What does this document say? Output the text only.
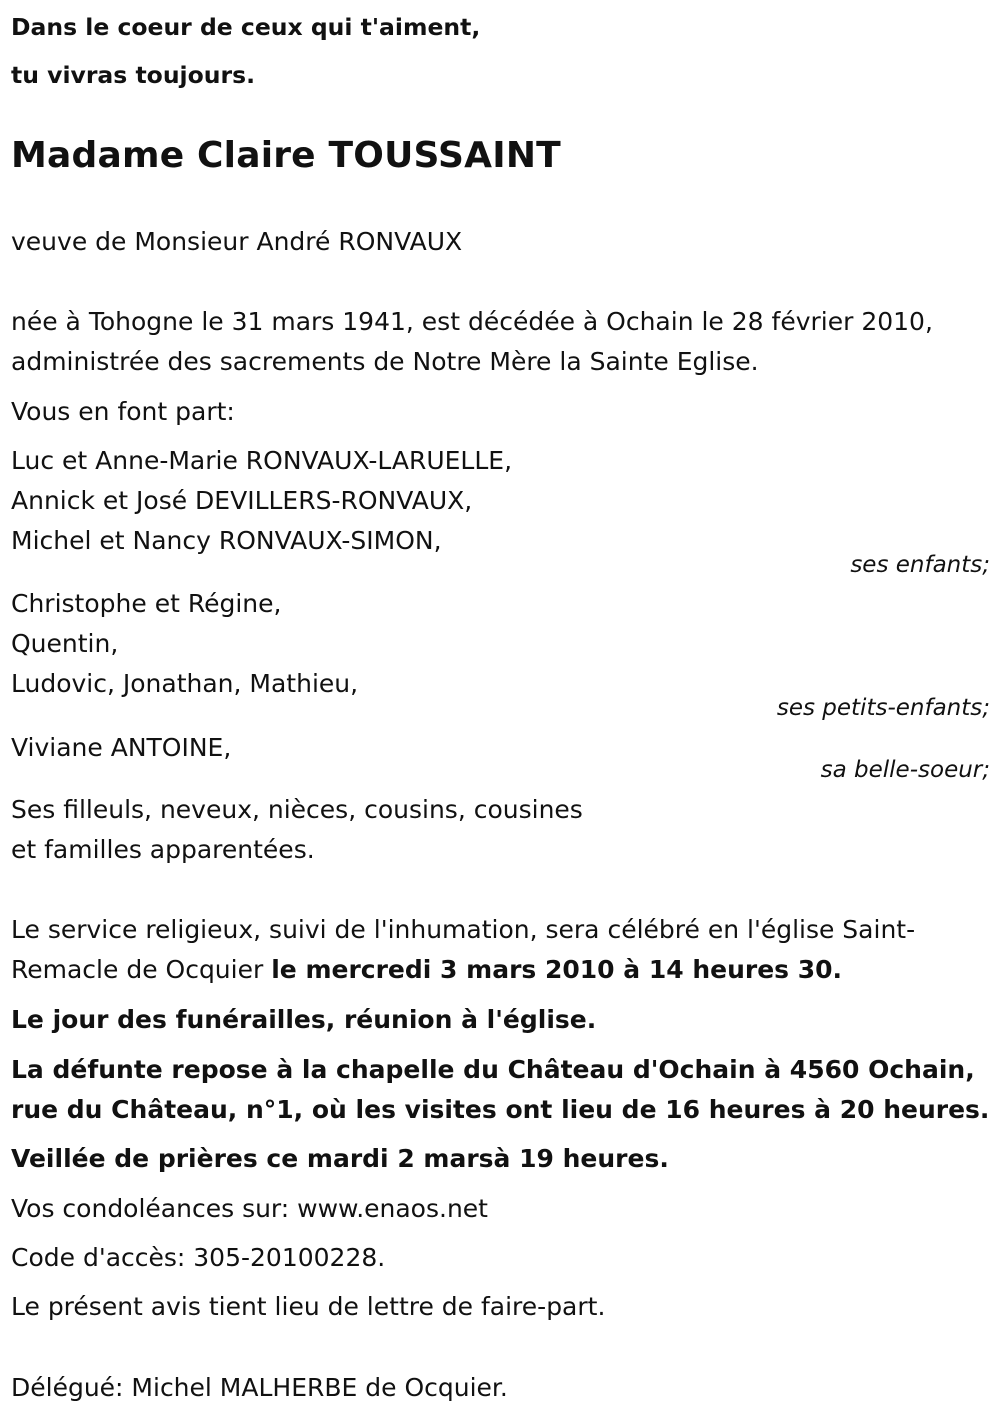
Dans le coeur de ceux qui t'aiment,
tu vivras toujours.
Madame Claire TOUSSAINT
veuve de Monsieur André RONVAUX
née à Tohogne le 31 mars 1941, est décédée à Ochain le 28 février 2010,
administrée des sacrements de Notre Mère la Sainte Eglise.
Vous en font part:
Luc et Anne-Marie RONVAUX-LARUELLE,
Annick et José DEVILLERS-RONVAUX,
Michel et Nancy RONVAUX-SIMON,
ses enfants;
Christophe et Régine,
Quentin,
Ludovic, Jonathan, Mathieu,
ses petits-enfants;
Viviane ANTOINE,
sa belle-soeur;
Ses filleuls, neveux, nièces, cousins, cousines
et familles apparentées.
Le service religieux, suivi de l'inhumation, sera célébré en l'église Saint-
Remacle de Ocquier le mercredi 3 mars 2010 à 14 heures 30.
Le jour des funérailles, réunion à l'église.
La défunte repose à la chapelle du Château d'Ochain à 4560 Ochain,
rue du Château, n°1, où les visites ont lieu de 16 heures à 20 heures.
Veillée de prières ce mardi 2 marsà 19 heures.
Vos condoléances sur: www.enaos.net
Code d'accès: 305-20100228.
Le présent avis tient lieu de lettre de faire-part.
Délégué: Michel MALHERBE de Ocquier.
